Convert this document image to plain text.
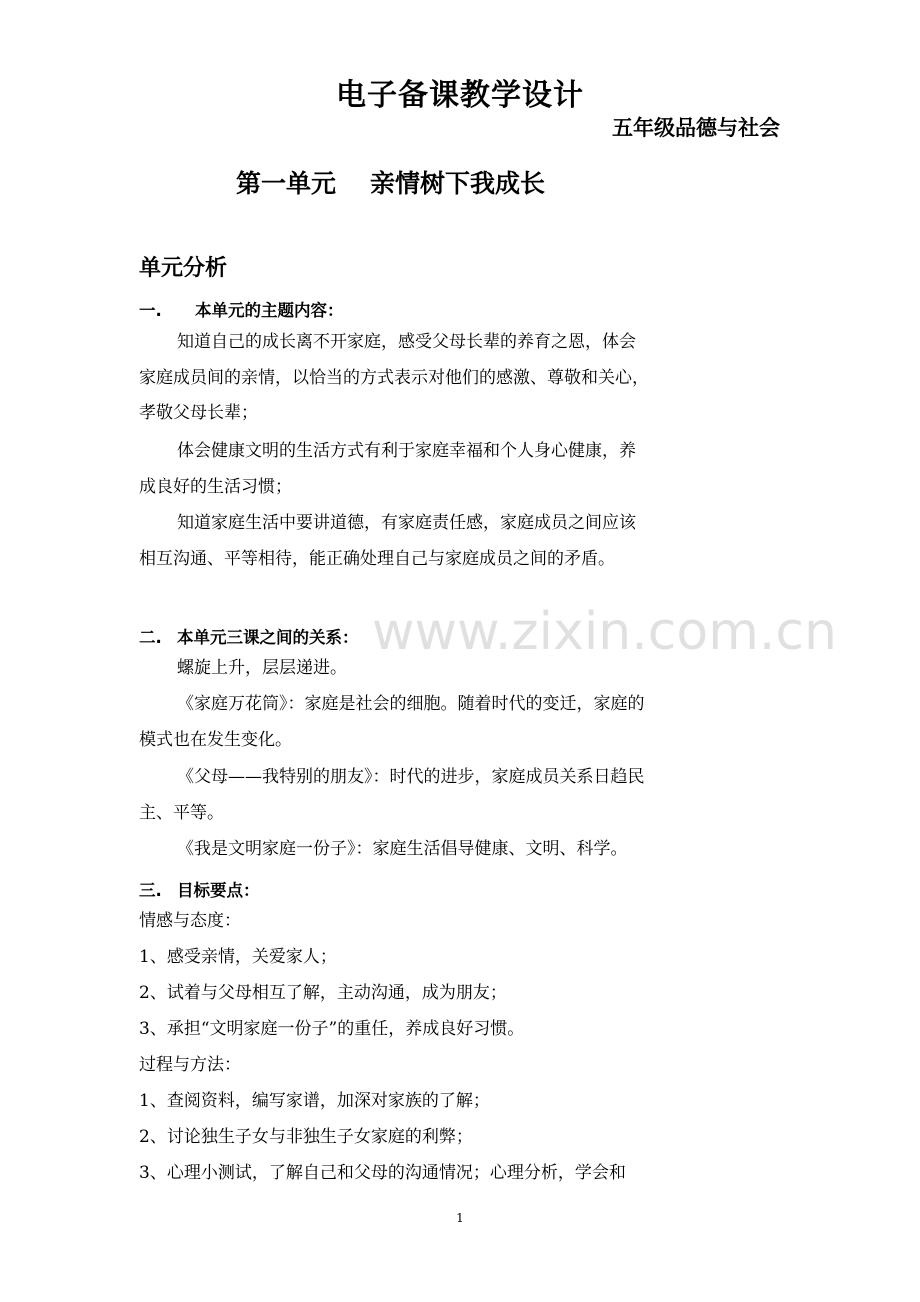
电子备课教学设计
五年级品德与社会
第一单元 亲情树下我成长
单元分析
一. 本单元的主题内容：
知道自己的成长离不开家庭，感受父母长辈的养育之恩，体会
家庭成员间的亲情，以恰当的方式表示对他们的感激、尊敬和关心，
孝敬父母长辈；
体会健康文明的生活方式有利于家庭幸福和个人身心健康，养
成良好的生活习惯；
知道家庭生活中要讲道德，有家庭责任感，家庭成员之间应该
相互沟通、平等相待，能正确处理自己与家庭成员之间的矛盾。
www.zixin.com.cn
二. 本单元三课之间的关系：
螺旋上升，层层递进。
《家庭万花筒》：家庭是社会的细胞。随着时代的变迁，家庭的
模式也在发生变化。
《父母——我特别的朋友》：时代的进步，家庭成员关系日趋民
主、平等。
《我是文明家庭一份子》：家庭生活倡导健康、文明、科学。
三. 目标要点：
情感与态度：
1、感受亲情，关爱家人；
2、试着与父母相互了解，主动沟通，成为朋友；
3、承担“文明家庭一份子”的重任，养成良好习惯。
过程与方法：
1、查阅资料，编写家谱，加深对家族的了解；
2、讨论独生子女与非独生子女家庭的利弊；
3、心理小测试，了解自己和父母的沟通情况；心理分析，学会和
1
